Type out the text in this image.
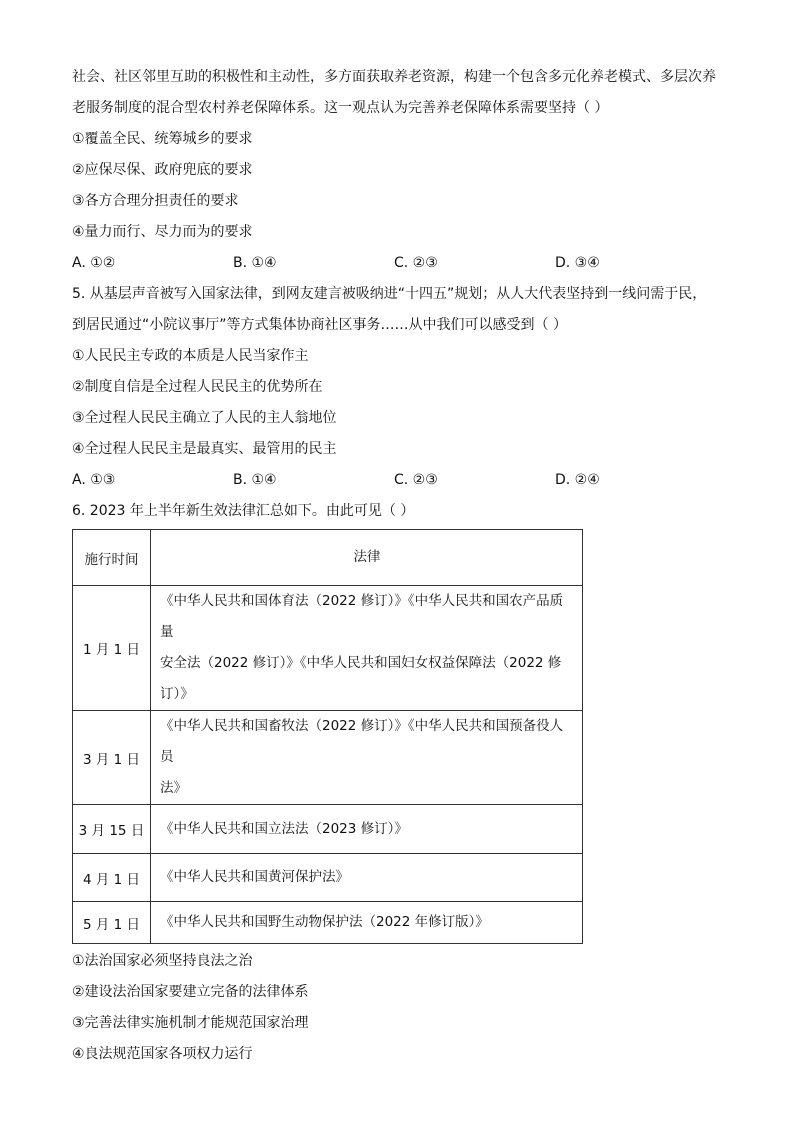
社会、社区邻里互助的积极性和主动性，多方面获取养老资源，构建一个包含多元化养老模式、多层次养
老服务制度的混合型农村养老保障体系。这一观点认为完善养老保障体系需要坚持（ ）
①覆盖全民、统筹城乡的要求
②应保尽保、政府兜底的要求
③各方合理分担责任的要求
④量力而行、尽力而为的要求
A. ①②	B. ①④	C. ②③	D. ③④
5. 从基层声音被写入国家法律，到网友建言被吸纳进“十四五”规划；从人大代表坚持到一线问需于民，
到居民通过“小院议事厅”等方式集体协商社区事务……从中我们可以感受到（ ）
①人民民主专政的本质是人民当家作主
②制度自信是全过程人民民主的优势所在
③全过程人民民主确立了人民的主人翁地位
④全过程人民民主是最真实、最管用的民主
A. ①③	B. ①④	C. ②③	D. ②④
6. 2023 年上半年新生效法律汇总如下。由此可见（ ）
施行时间	法律
1 月 1 日	《中华人民共和国体育法（2022 修订）》《中华人民共和国农产品质量
安全法（2022 修订）》《中华人民共和国妇女权益保障法（2022 修
订）》

3 月 1 日	《中华人民共和国畜牧法（2022 修订）》《中华人民共和国预备役人员
法》

3 月 15 日	《中华人民共和国立法法（2023 修订）》

4 月 1 日	《中华人民共和国黄河保护法》

5 月 1 日	《中华人民共和国野生动物保护法（2022 年修订版）》
①法治国家必须坚持良法之治
②建设法治国家要建立完备的法律体系
③完善法律实施机制才能规范国家治理
④良法规范国家各项权力运行
